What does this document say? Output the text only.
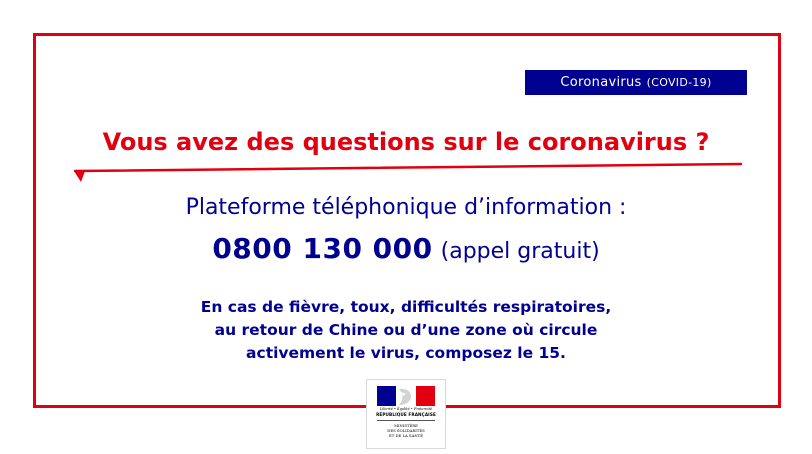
Coronavirus (COVID-19)
Vous avez des questions sur le coronavirus ?
Plateforme téléphonique d’information :
0800 130 000 (appel gratuit)
En cas de fièvre, toux, difficultés respiratoires,
au retour de Chine ou d’une zone où circule
activement le virus, composez le 15.
Liberté • Égalité • Fraternité
RÉPUBLIQUE FRANÇAISE
MINISTÈRE
DES SOLIDARITÉS
ET DE LA SANTÉ
